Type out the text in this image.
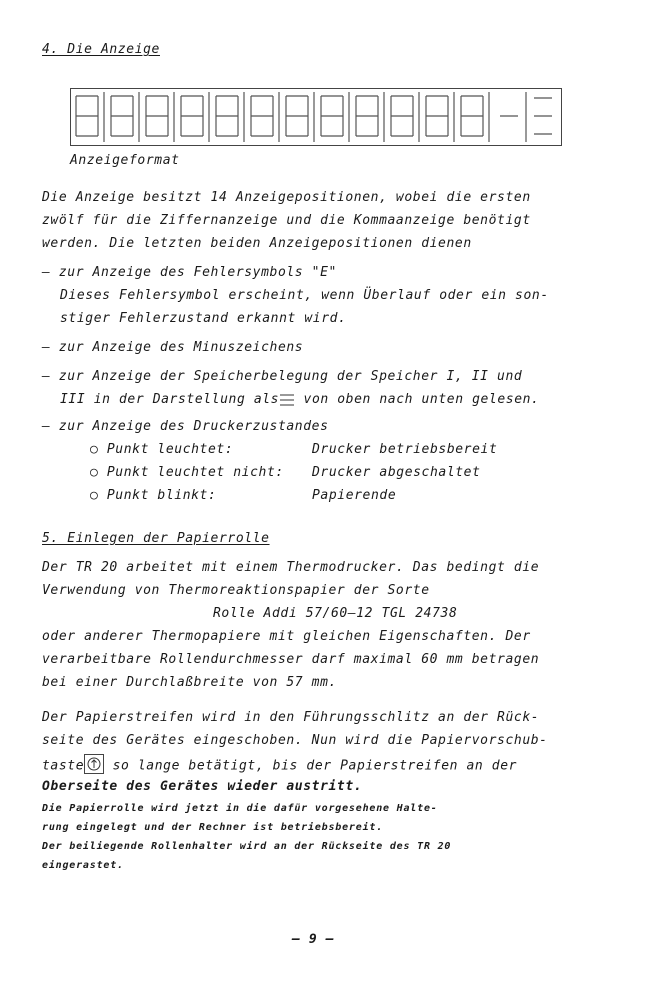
4. Die Anzeige
Anzeigeformat
Die Anzeige besitzt 14 Anzeigepositionen, wobei die ersten
zwölf für die Ziffernanzeige und die Kommaanzeige benötigt
werden. Die letzten beiden Anzeigepositionen dienen
– zur Anzeige des Fehlersymbols "E"
Dieses Fehlersymbol erscheint, wenn Überlauf oder ein son-
stiger Fehlerzustand erkannt wird.
– zur Anzeige des Minuszeichens
– zur Anzeige der Speicherbelegung der Speicher I, II und
III in der Darstellung als von oben nach unten gelesen.
– zur Anzeige des Druckerzustandes
○ Punkt leuchtet:	Drucker betriebsbereit
○ Punkt leuchtet nicht: Drucker abgeschaltet
○ Punkt blinkt:	Papierende
5. Einlegen der Papierrolle
Der TR 20 arbeitet mit einem Thermodrucker. Das bedingt die
Verwendung von Thermoreaktionspapier der Sorte
Rolle Addi 57/60–12 TGL 24738
oder anderer Thermopapiere mit gleichen Eigenschaften. Der
verarbeitbare Rollendurchmesser darf maximal 60 mm betragen
bei einer Durchlaßbreite von 57 mm.
Der Papierstreifen wird in den Führungsschlitz an der Rück-
seite des Gerätes eingeschoben. Nun wird die Papiervorschub-
taste so lange betätigt, bis der Papierstreifen an der
Oberseite des Gerätes wieder austritt.
Die Papierrolle wird jetzt in die dafür vorgesehene Halte-
rung eingelegt und der Rechner ist betriebsbereit.
Der beiliegende Rollenhalter wird an der Rückseite des TR 20
eingerastet.
– 9 –
